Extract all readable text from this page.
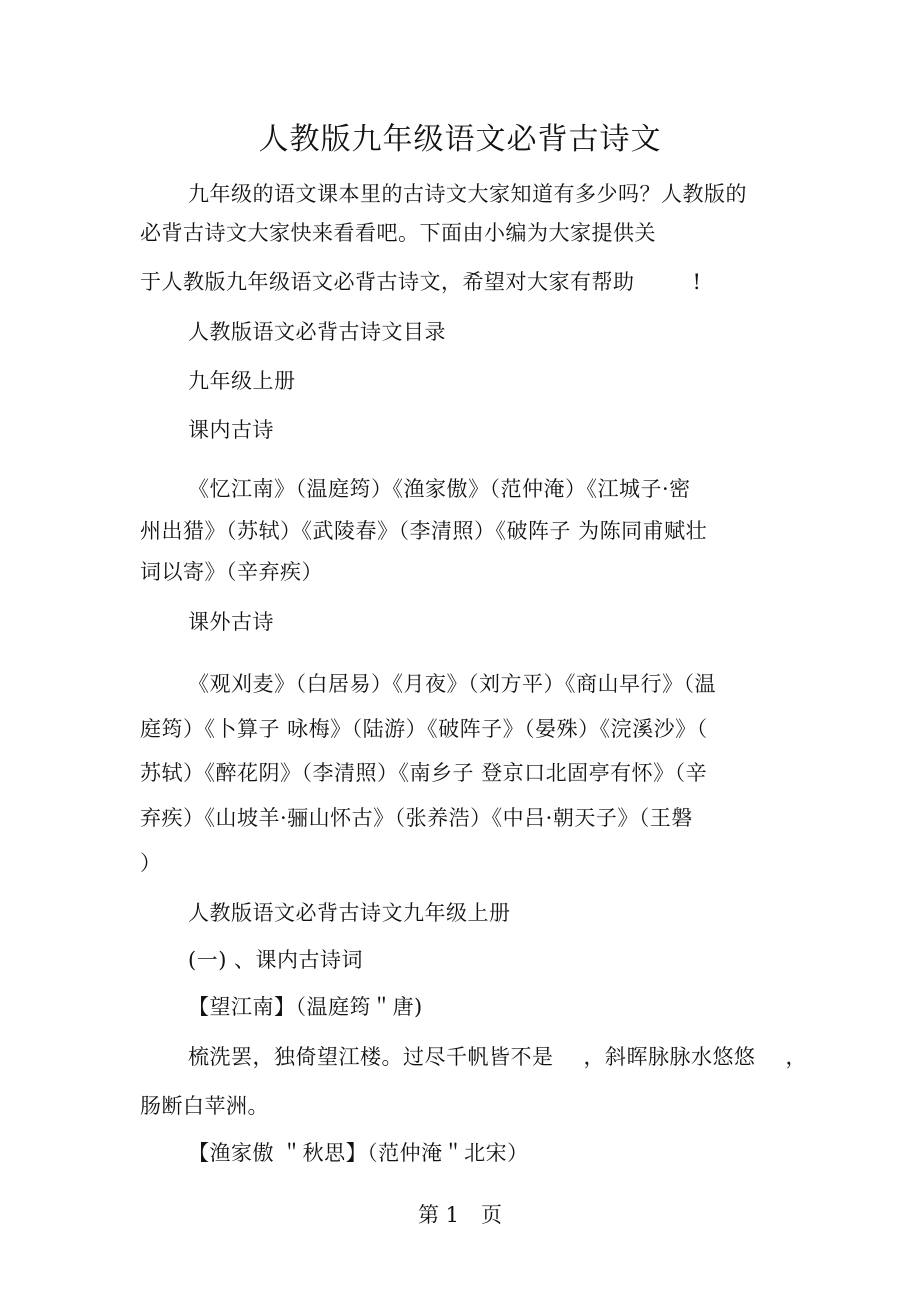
人教版九年级语文必背古诗文
九年级的语文课本里的古诗文大家知道有多少吗？人教版的
必背古诗文大家快来看看吧。下面由小编为大家提供关
于人教版九年级语文必背古诗文，希望对大家有帮助	!
人教版语文必背古诗文目录
九年级上册
课内古诗
《忆江南》（温庭筠）《渔家傲》（范仲淹）《江城子·密
州出猎》（苏轼）《武陵春》（李清照）《破阵子 为陈同甫赋壮
词以寄》（辛弃疾）
课外古诗
《观刈麦》（白居易）《月夜》（刘方平）《商山早行》（温
庭筠）《卜算子 咏梅》（陆游）《破阵子》（晏殊）《浣溪沙》（
苏轼）《醉花阴》（李清照）《南乡子 登京口北固亭有怀》（辛
弃疾）《山坡羊·骊山怀古》（张养浩）《中吕·朝天子》（王磐
）
人教版语文必背古诗文九年级上册
(一) 、课内古诗词
【望江南】（温庭筠＂唐)
梳洗罢，独倚望江楼。过尽千帆皆不是 ，斜晖脉脉水悠悠 ，
肠断白苹洲。
【渔家傲 ＂秋思】（范仲淹＂北宋）
第 1 页
